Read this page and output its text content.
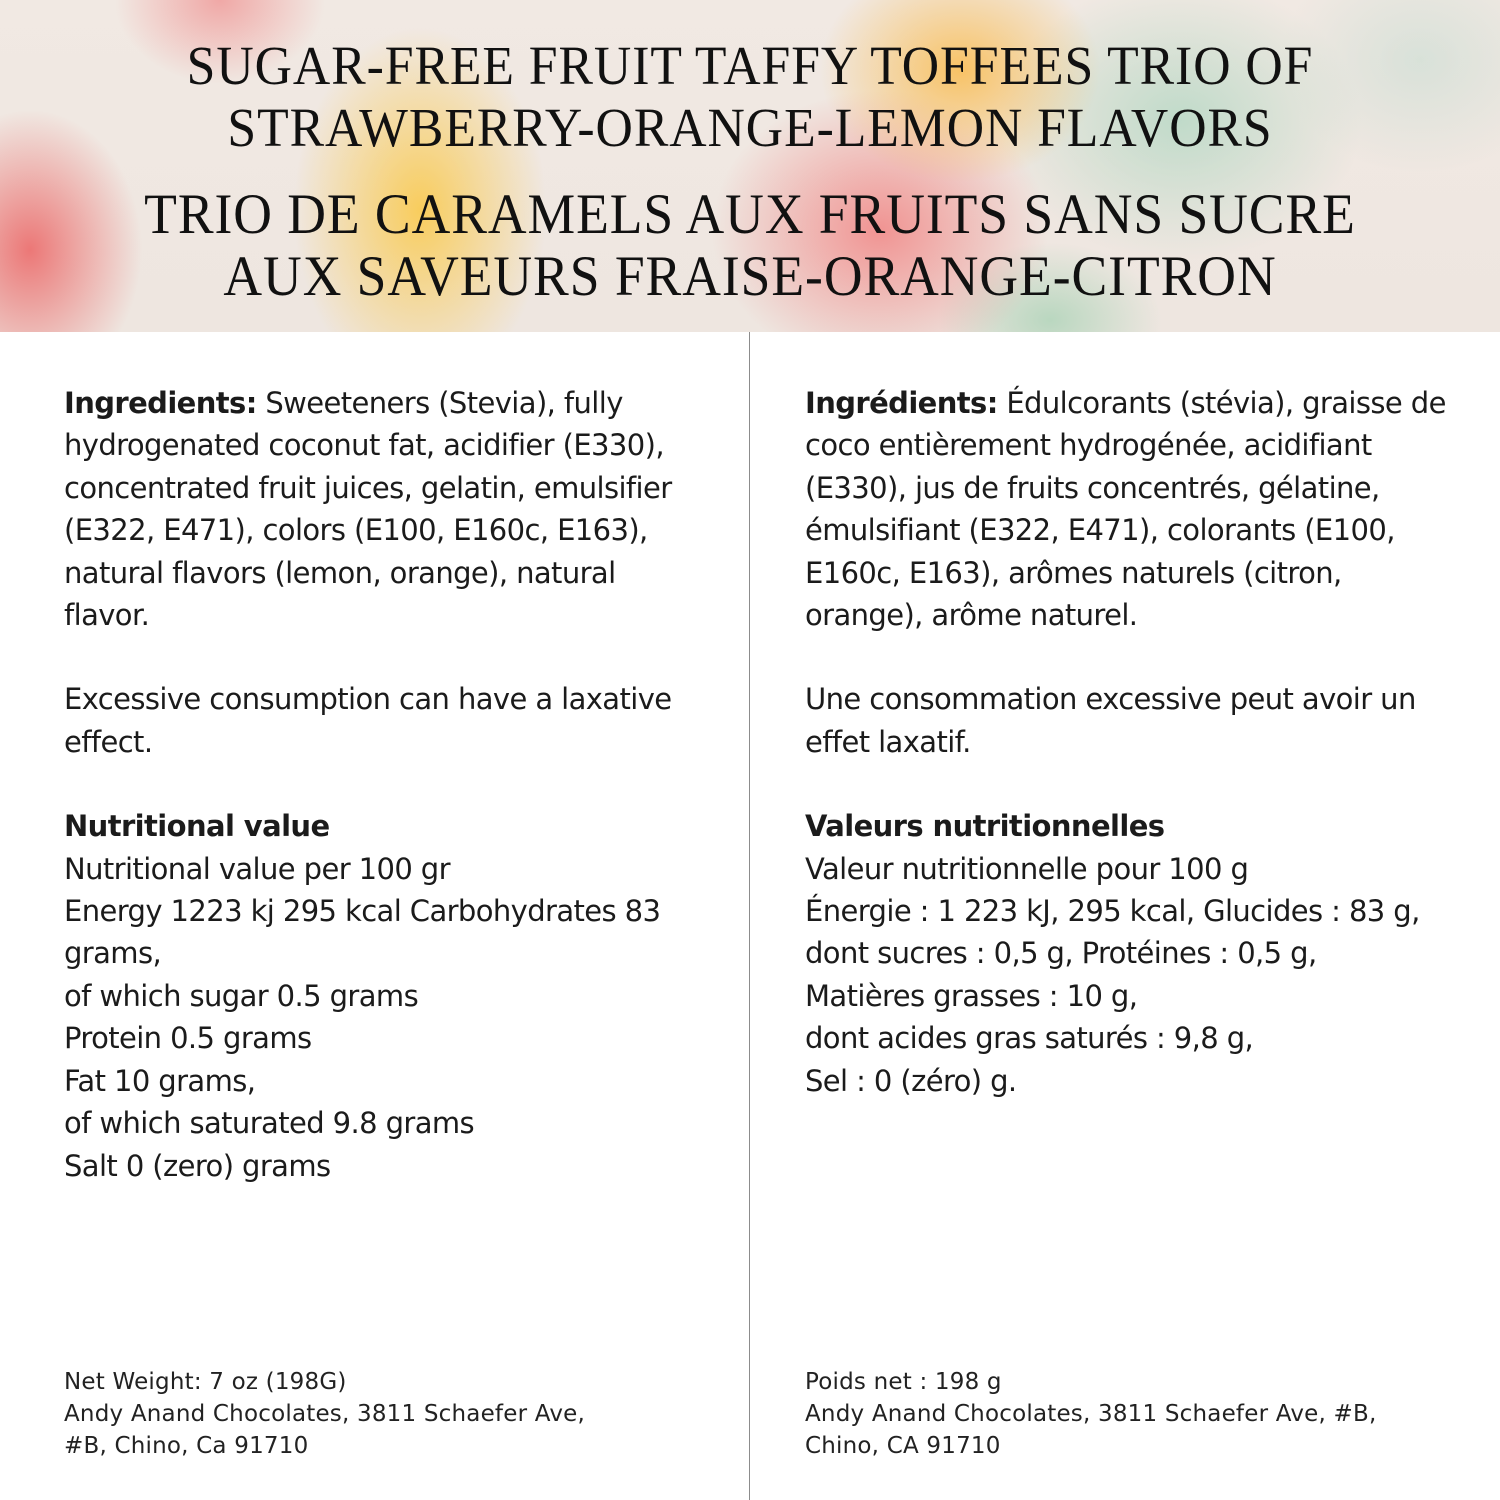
SUGAR-FREE FRUIT TAFFY TOFFEES TRIO OF
STRAWBERRY-ORANGE-LEMON FLAVORS
TRIO DE CARAMELS AUX FRUITS SANS SUCRE
AUX SAVEURS FRAISE-ORANGE-CITRON

Ingredients: Sweeteners (Stevia), fully hydrogenated coconut fat, acidifier (E330), concentrated fruit juices, gelatin, emulsifier (E322, E471), colors (E100, E160c, E163), natural flavors (lemon, orange), natural flavor.

Excessive consumption can have a laxative effect.

Nutritional value
Nutritional value per 100 gr
Energy 1223 kj 295 kcal Carbohydrates 83 grams,
of which sugar 0.5 grams
Protein 0.5 grams
Fat 10 grams,
of which saturated 9.8 grams
Salt 0 (zero) grams

Ingrédients: Édulcorants (stévia), graisse de coco entièrement hydrogénée, acidifiant (E330), jus de fruits concentrés, gélatine, émulsifiant (E322, E471), colorants (E100, E160c, E163), arômes naturels (citron, orange), arôme naturel.

Une consommation excessive peut avoir un effet laxatif.

Valeurs nutritionnelles
Valeur nutritionnelle pour 100 g
Énergie : 1 223 kJ, 295 kcal, Glucides : 83 g,
dont sucres : 0,5 g, Protéines : 0,5 g,
Matières grasses : 10 g,
dont acides gras saturés : 9,8 g,
Sel : 0 (zéro) g.

Net Weight: 7 oz (198G)
Andy Anand Chocolates, 3811 Schaefer Ave,
#B, Chino, Ca 91710
Poids net : 198 g
Andy Anand Chocolates, 3811 Schaefer Ave, #B,
Chino, CA 91710
